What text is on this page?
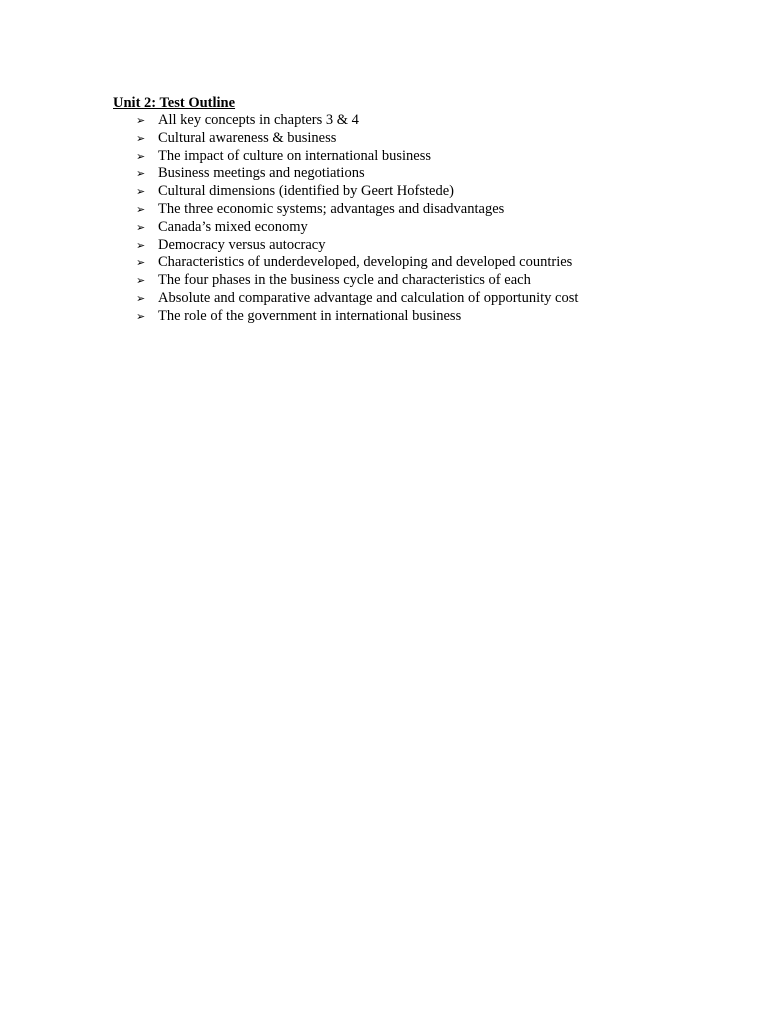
Unit 2: Test Outline
➢ All key concepts in chapters 3 & 4
➢ Cultural awareness & business
➢ The impact of culture on international business
➢ Business meetings and negotiations
➢ Cultural dimensions (identified by Geert Hofstede)
➢ The three economic systems; advantages and disadvantages
➢ Canada’s mixed economy
➢ Democracy versus autocracy
➢ Characteristics of underdeveloped, developing and developed countries
➢ The four phases in the business cycle and characteristics of each
➢ Absolute and comparative advantage and calculation of opportunity cost
➢ The role of the government in international business
